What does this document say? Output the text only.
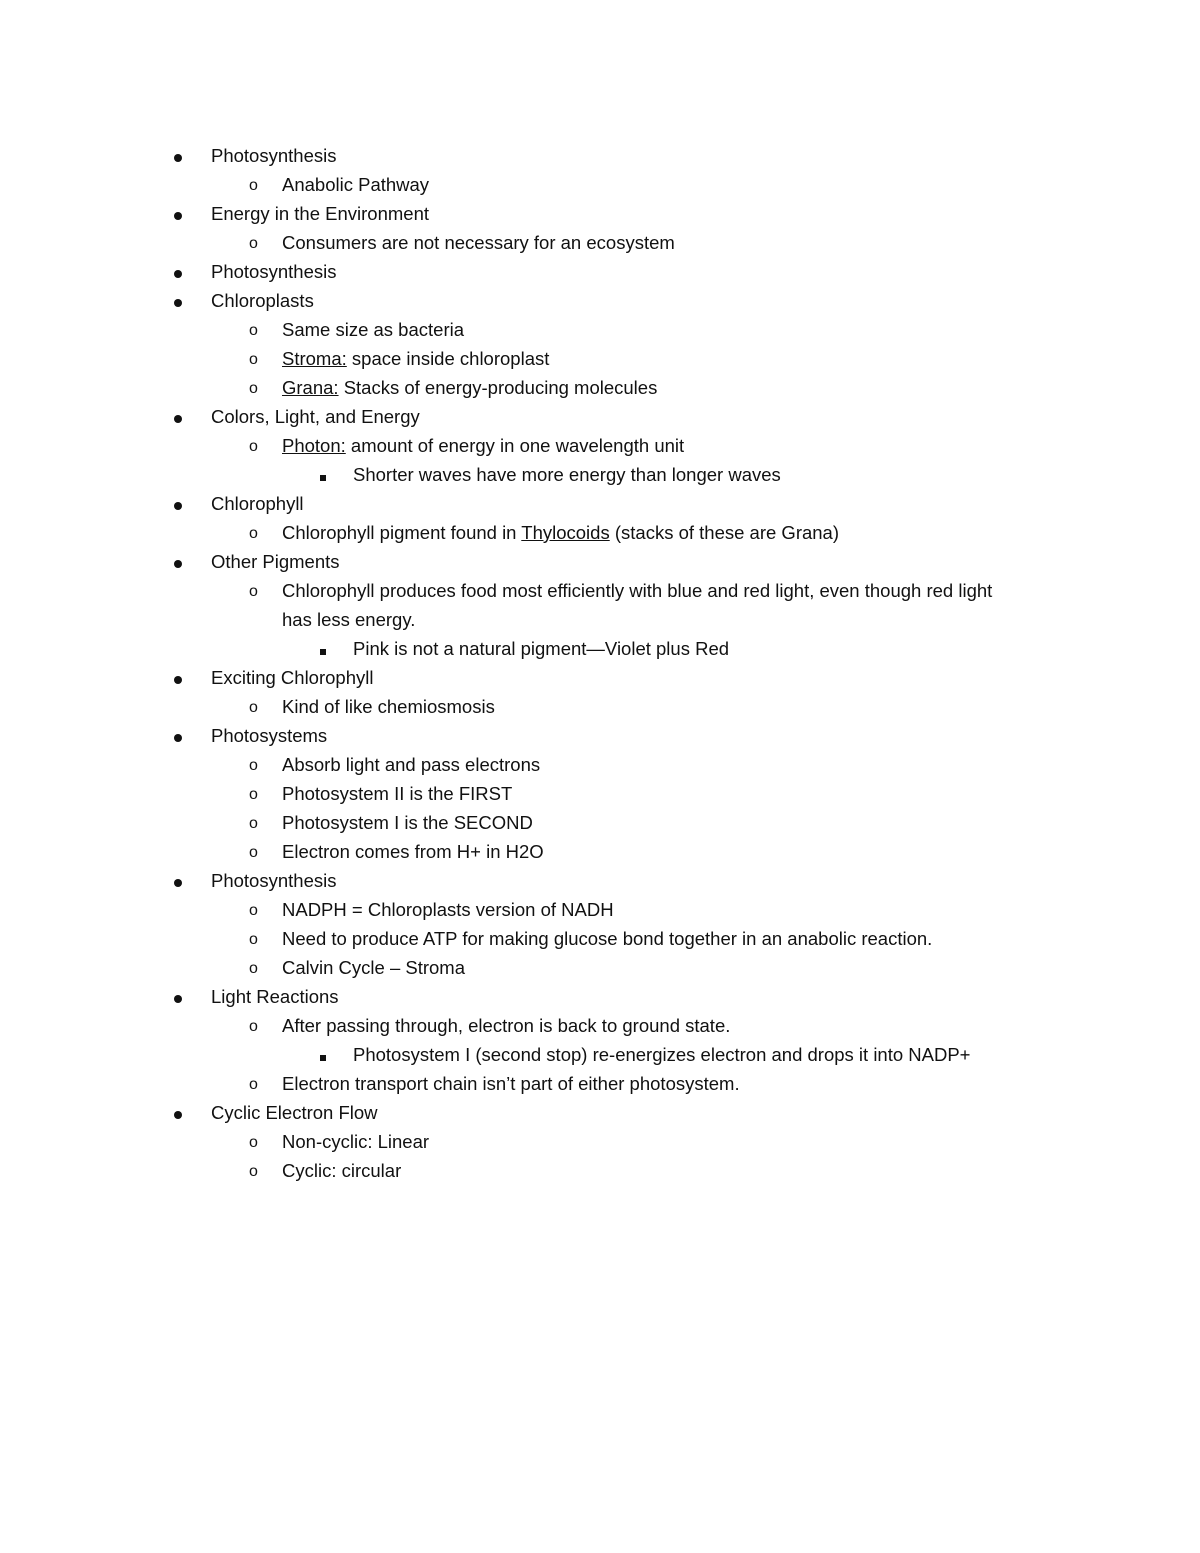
Photosynthesis
o Anabolic Pathway
Energy in the Environment
o Consumers are not necessary for an ecosystem
Photosynthesis
Chloroplasts
o Same size as bacteria
o Stroma: space inside chloroplast
o Grana: Stacks of energy-producing molecules
Colors, Light, and Energy
o Photon: amount of energy in one wavelength unit
Shorter waves have more energy than longer waves
Chlorophyll
o Chlorophyll pigment found in Thylocoids (stacks of these are Grana)
Other Pigments
o Chlorophyll produces food most efficiently with blue and red light, even though red light
has less energy.
Pink is not a natural pigment—Violet plus Red
Exciting Chlorophyll
o Kind of like chemiosmosis
Photosystems
o Absorb light and pass electrons
o Photosystem II is the FIRST
o Photosystem I is the SECOND
o Electron comes from H+ in H2O
Photosynthesis
o NADPH = Chloroplasts version of NADH
o Need to produce ATP for making glucose bond together in an anabolic reaction.
o Calvin Cycle – Stroma
Light Reactions
o After passing through, electron is back to ground state.
Photosystem I (second stop) re-energizes electron and drops it into NADP+
o Electron transport chain isn’t part of either photosystem.
Cyclic Electron Flow
o Non-cyclic: Linear
o Cyclic: circular
